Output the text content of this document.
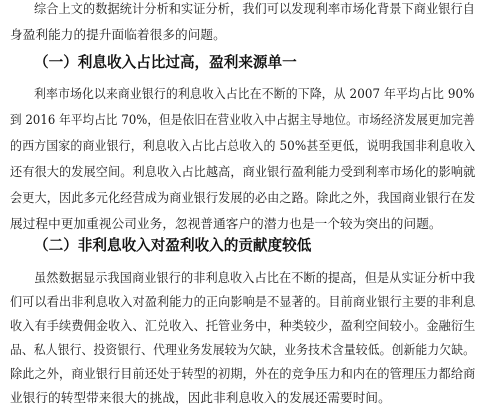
综合上文的数据统计分析和实证分析，我们可以发现利率市场化背景下商业银行自
身盈利能力的提升面临着很多的问题。
（一）利息收入占比过高，盈利来源单一
利率市场化以来商业银行的利息收入占比在不断的下降，从 2007 年平均占比 90%
到 2016 年平均占比 70%，但是依旧在营业收入中占据主导地位。市场经济发展更加完善
的西方国家的商业银行，利息收入占比占总收入的 50%甚至更低，说明我国非利息收入
还有很大的发展空间。利息收入占比越高，商业银行盈利能力受到利率市场化的影响就
会更大，因此多元化经营成为商业银行发展的必由之路。除此之外，我国商业银行在发
展过程中更加重视公司业务，忽视普通客户的潜力也是一个较为突出的问题。
（二）非利息收入对盈利收入的贡献度较低
虽然数据显示我国商业银行的非利息收入占比在不断的提高，但是从实证分析中我
们可以看出非利息收入对盈利能力的正向影响是不显著的。目前商业银行主要的非利息
收入有手续费佣金收入、汇兑收入、托管业务中，种类较少，盈利空间较小。金融衍生
品、私人银行、投资银行、代理业务发展较为欠缺，业务技术含量较低。创新能力欠缺。
除此之外，商业银行目前还处于转型的初期，外在的竞争压力和内在的管理压力都给商
业银行的转型带来很大的挑战，因此非利息收入的发展还需要时间。
